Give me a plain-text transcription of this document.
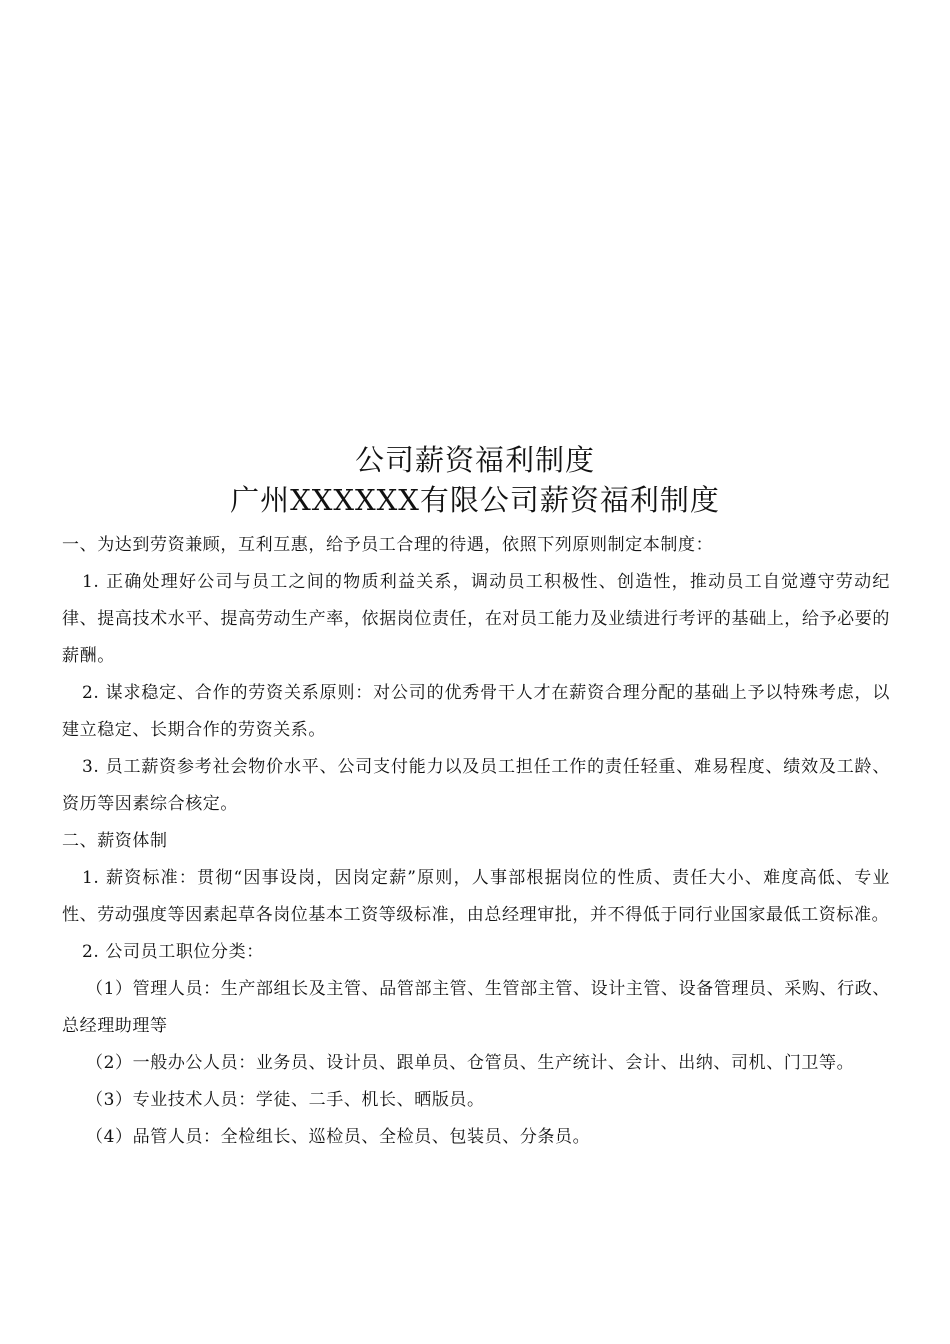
公司薪资福利制度
广州XXXXXX有限公司薪资福利制度

一、为达到劳资兼顾，互利互惠，给予员工合理的待遇，依照下列原则制定本制度：

1. 正确处理好公司与员工之间的物质利益关系，调动员工积极性、创造性，推动员工自觉遵守劳动纪律、提高技术水平、提高劳动生产率，依据岗位责任，在对员工能力及业绩进行考评的基础上，给予必要的薪酬。

2. 谋求稳定、合作的劳资关系原则：对公司的优秀骨干人才在薪资合理分配的基础上予以特殊考虑，以建立稳定、长期合作的劳资关系。

3. 员工薪资参考社会物价水平、公司支付能力以及员工担任工作的责任轻重、难易程度、绩效及工龄、资历等因素综合核定。

二、薪资体制

1. 薪资标准：贯彻“因事设岗，因岗定薪”原则，人事部根据岗位的性质、责任大小、难度高低、专业性、劳动强度等因素起草各岗位基本工资等级标准，由总经理审批，并不得低于同行业国家最低工资标准。

2. 公司员工职位分类：

（1）管理人员：生产部组长及主管、品管部主管、生管部主管、设计主管、设备管理员、采购、行政、总经理助理等

（2）一般办公人员：业务员、设计员、跟单员、仓管员、生产统计、会计、出纳、司机、门卫等。

（3）专业技术人员：学徒、二手、机长、晒版员。

（4）品管人员：全检组长、巡检员、全检员、包装员、分条员。
